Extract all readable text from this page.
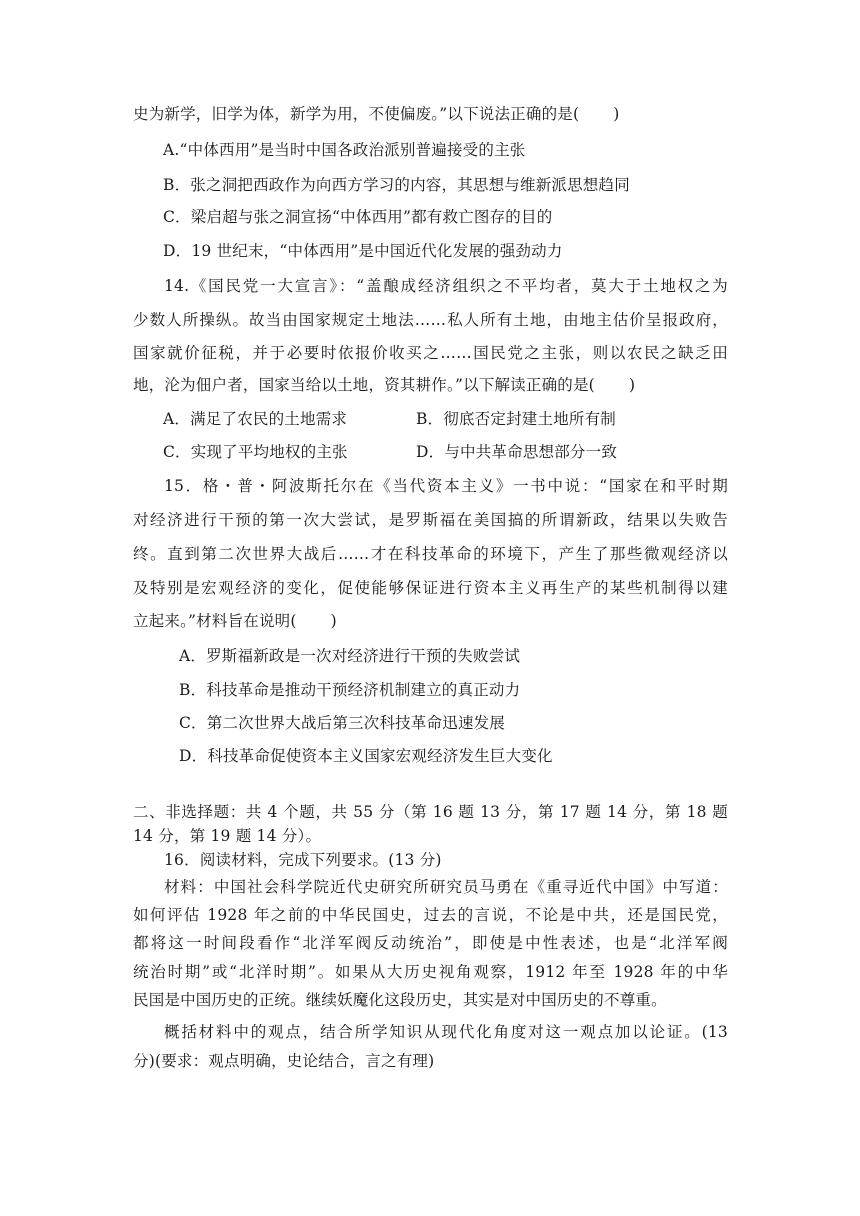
史为新学，旧学为体，新学为用，不使偏废。”以下说法正确的是( )
A.“中体西用”是当时中国各政治派别普遍接受的主张
B．张之洞把西政作为向西方学习的内容，其思想与维新派思想趋同
C．梁启超与张之洞宣扬“中体西用”都有救亡图存的目的
D．19 世纪末，“中体西用”是中国近代化发展的强劲动力
14.《国民党一大宣言》：“盖酿成经济组织之不平均者，莫大于土地权之为
少数人所操纵。故当由国家规定土地法……私人所有土地，由地主估价呈报政府，
国家就价征税，并于必要时依报价收买之……国民党之主张，则以农民之缺乏田
地，沦为佃户者，国家当给以土地，资其耕作。”以下解读正确的是( )
A．满足了农民的土地需求	B．彻底否定封建土地所有制
C．实现了平均地权的主张	D．与中共革命思想部分一致
15．格・普・阿波斯托尔在《当代资本主义》一书中说：“国家在和平时期
对经济进行干预的第一次大尝试，是罗斯福在美国搞的所谓新政，结果以失败告
终。直到第二次世界大战后……才在科技革命的环境下，产生了那些微观经济以
及特别是宏观经济的变化，促使能够保证进行资本主义再生产的某些机制得以建
立起来。”材料旨在说明( )
A．罗斯福新政是一次对经济进行干预的失败尝试
B．科技革命是推动干预经济机制建立的真正动力
C．第二次世界大战后第三次科技革命迅速发展
D．科技革命促使资本主义国家宏观经济发生巨大变化
二、非选择题：共 4 个题，共 55 分（第 16 题 13 分，第 17 题 14 分，第 18 题
14 分，第 19 题 14 分）。
16．阅读材料，完成下列要求。(13 分)
材料：中国社会科学院近代史研究所研究员马勇在《重寻近代中国》中写道：
如何评估 1928 年之前的中华民国史，过去的言说，不论是中共，还是国民党，
都将这一时间段看作“北洋军阀反动统治”，即使是中性表述，也是“北洋军阀
统治时期”或“北洋时期”。如果从大历史视角观察，1912 年至 1928 年的中华
民国是中国历史的正统。继续妖魔化这段历史，其实是对中国历史的不尊重。
概括材料中的观点，结合所学知识从现代化角度对这一观点加以论证。(13
分)(要求：观点明确，史论结合，言之有理)
